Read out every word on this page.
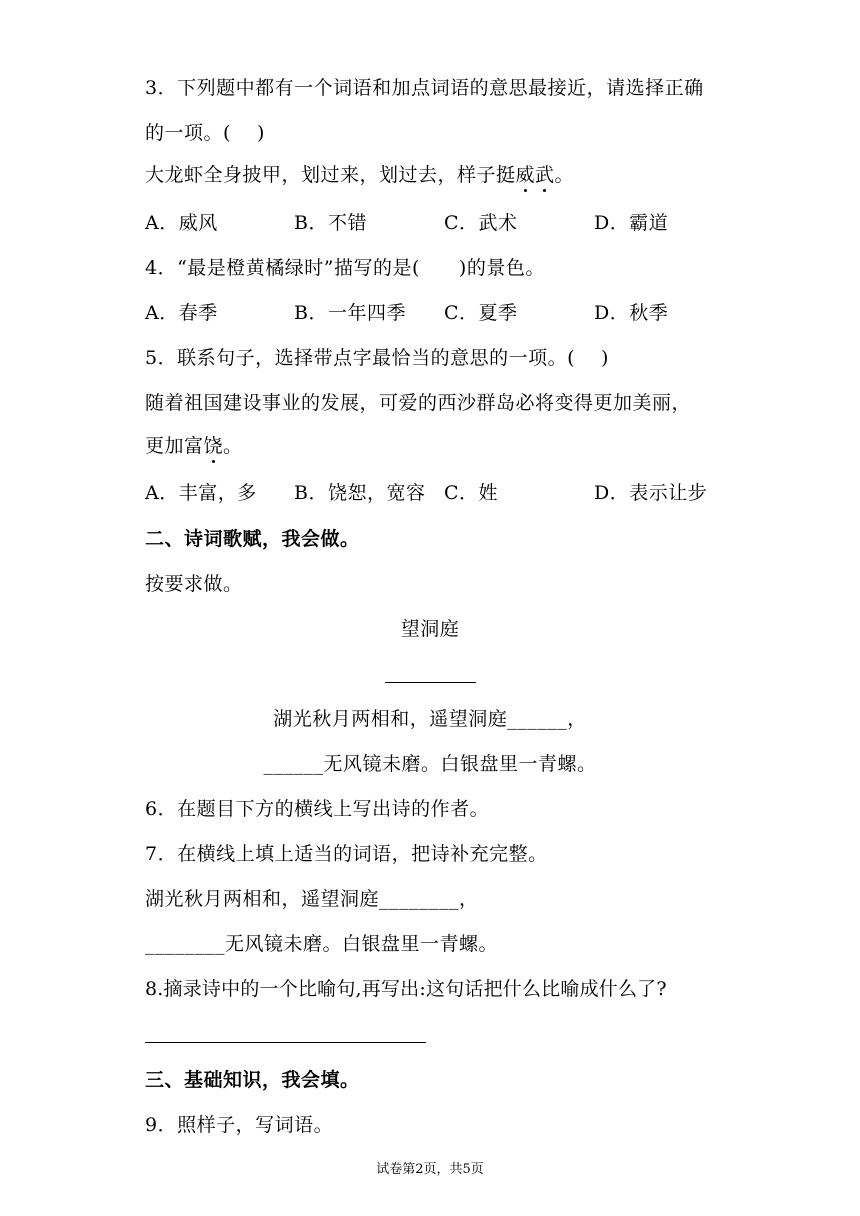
3．下列题中都有一个词语和加点词语的意思最接近，请选择正确
的一项。(　 )
大龙虾全身披甲，划过来，划过去，样子挺威武。
A．威风	B．不错	C．武术	D．霸道
4．“最是橙黄橘绿时”描写的是(　　)的景色。
A．春季	B．一年四季 C．夏季	D．秋季
5．联系句子，选择带点字最恰当的意思的一项。(　 )
随着祖国建设事业的发展，可爱的西沙群岛必将变得更加美丽，
更加富饶。
A．丰富，多 B．饶恕，宽容 C．姓	D．表示让步
二、诗词歌赋，我会做。
按要求做。
望洞庭
湖光秋月两相和，遥望洞庭______，
______无风镜未磨。白银盘里一青螺。
6．在题目下方的横线上写出诗的作者。
7．在横线上填上适当的词语，把诗补充完整。
湖光秋月两相和，遥望洞庭________，
________无风镜未磨。白银盘里一青螺。
8.摘录诗中的一个比喻句,再写出:这句话把什么比喻成什么了?
三、基础知识，我会填。
9．照样子，写词语。
试卷第2页，共5页
